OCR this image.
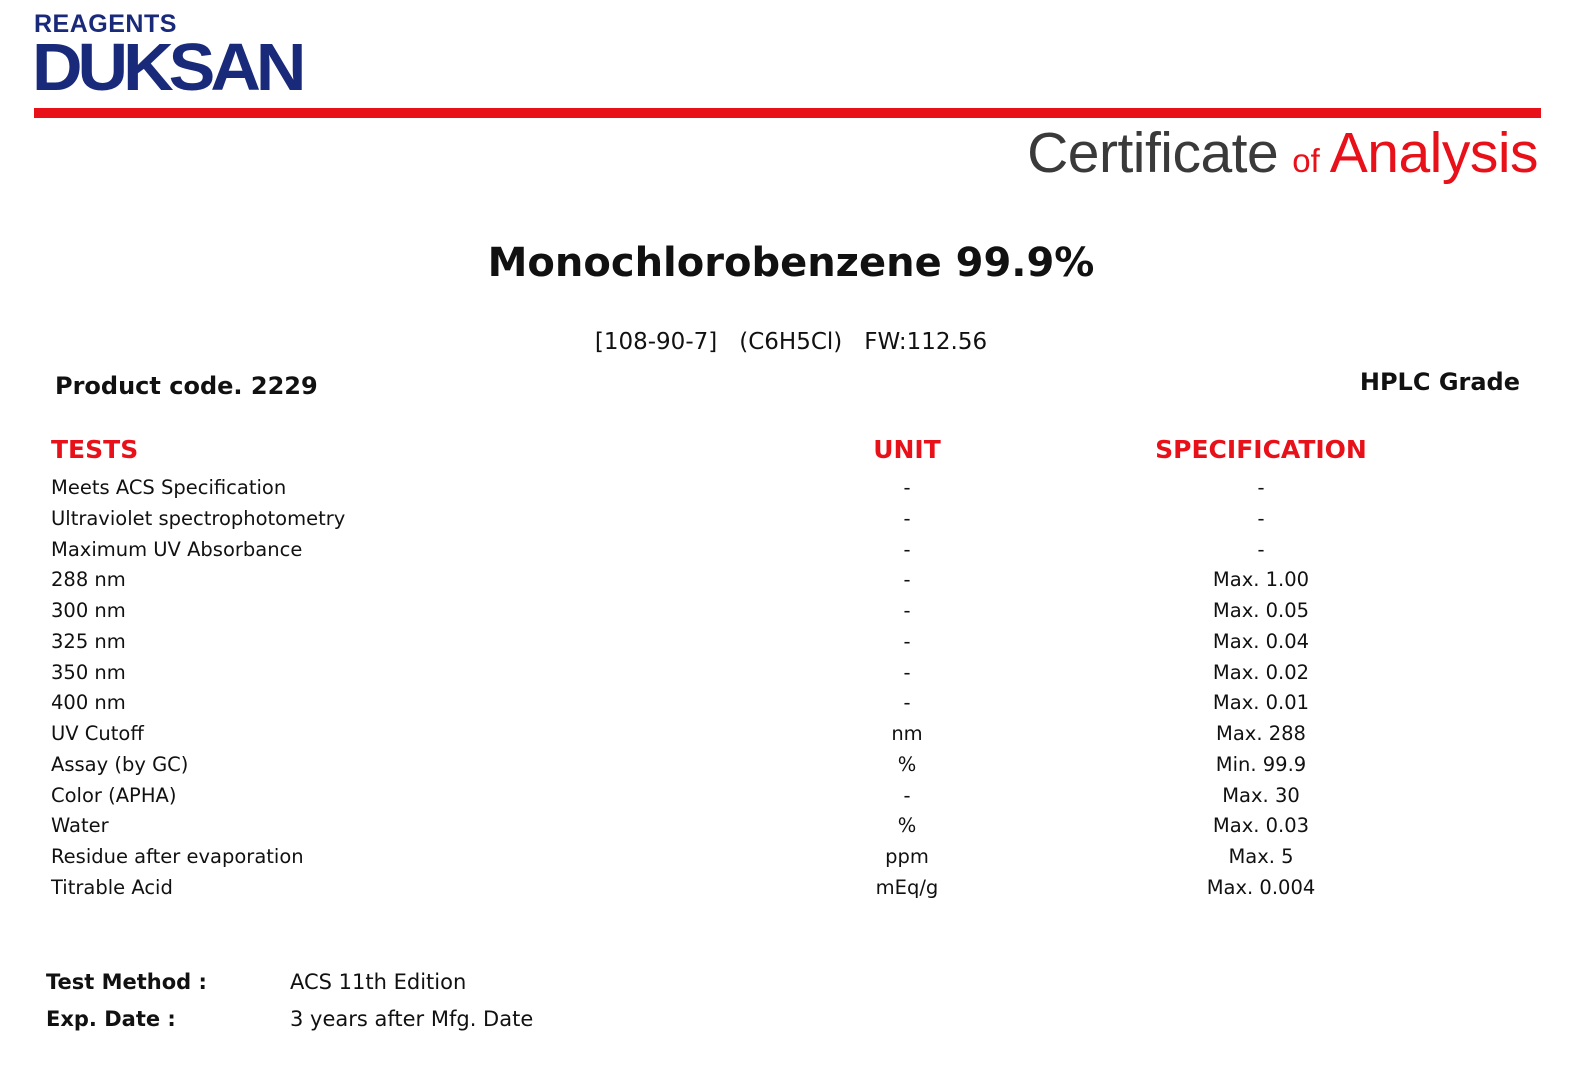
REAGENTS
DUKSAN
Certificate of Analysis
Monochlorobenzene 99.9%
[108-90-7] (C6H5Cl) FW:112.56
Product code. 2229	HPLC Grade
TESTS	UNIT	SPECIFICATION
Meets ACS Specification	-	-
Ultraviolet spectrophotometry	-	-
Maximum UV Absorbance	-	-
288 nm	-	Max. 1.00
300 nm	-	Max. 0.05
325 nm	-	Max. 0.04
350 nm	-	Max. 0.02
400 nm	-	Max. 0.01
UV Cutoff	nm	Max. 288
Assay (by GC)	%	Min. 99.9
Color (APHA)	-	Max. 30
Water	%	Max. 0.03
Residue after evaporation	ppm	Max. 5
Titrable Acid	mEq/g	Max. 0.004
Test Method :	ACS 11th Edition
Exp. Date :	3 years after Mfg. Date
